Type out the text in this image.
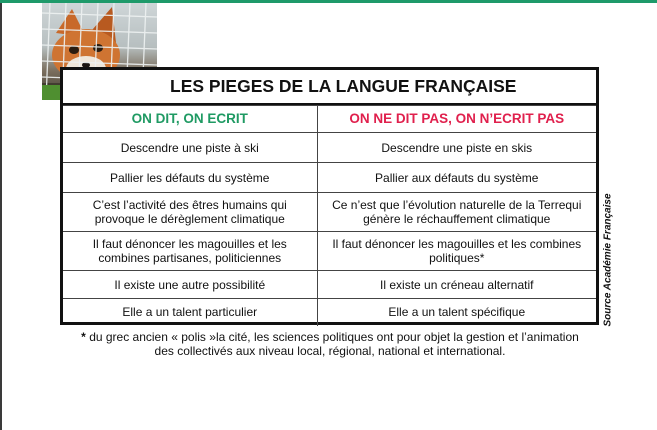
LES PIEGES DE LA LANGUE FRANÇAISE
ON DIT, ON ECRIT	ON NE DIT PAS, ON N’ECRIT PAS
Descendre une piste à ski	Descendre une piste en skis
Pallier les défauts du système	Pallier aux défauts du système
C’est l’activité des êtres humains qui provoque le dérèglement climatique	Ce n’est que l’évolution naturelle de la Terrequi génère le réchauffement climatique
Il faut dénoncer les magouilles et les combines partisanes, politiciennes	Il faut dénoncer les magouilles et les combines politiques*
Il existe une autre possibilité	Il existe un créneau alternatif
Elle a un talent particulier	Elle a un talent spécifique	Source Académie Française
* du grec ancien « polis »la cité, les sciences politiques ont pour objet la gestion et l’animation
des collectivés aux niveau local, régional, national et international.
